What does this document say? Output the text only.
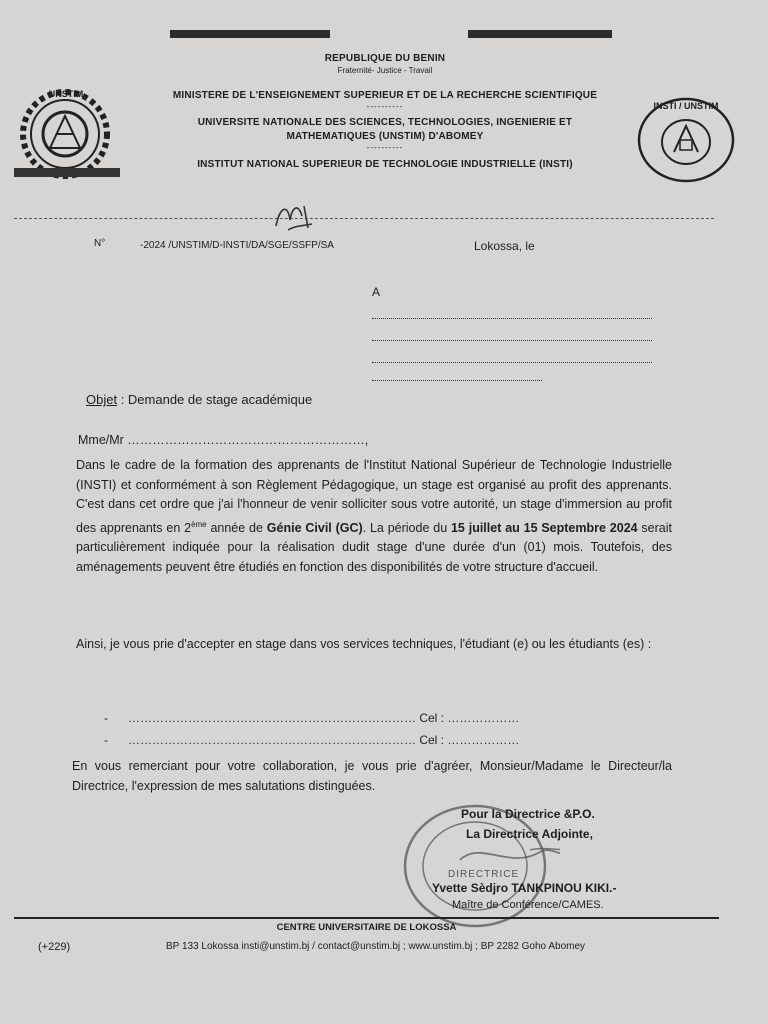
UNSTIM
INSTI / UNSTIM
REPUBLIQUE DU BENIN
Fraternité- Justice - Travail
MINISTERE DE L'ENSEIGNEMENT SUPERIEUR ET DE LA RECHERCHE SCIENTIFIQUE
----------
UNIVERSITE NATIONALE DES SCIENCES, TECHNOLOGIES, INGENIERIE ET
MATHEMATIQUES (UNSTIM) D'ABOMEY
----------
INSTITUT NATIONAL SUPERIEUR DE TECHNOLOGIE INDUSTRIELLE (INSTI)
N°	-2024 /UNSTIM/D-INSTI/DA/SGE/SSFP/SA	Lokossa, le
A
Objet : Demande de stage académique
Mme/Mr …………………………………………………,
Dans le cadre de la formation des apprenants de l'Institut National Supérieur de Technologie Industrielle (INSTI) et conformément à son Règlement Pédagogique, un stage est organisé au profit des apprenants. C'est dans cet ordre que j'ai l'honneur de venir solliciter sous votre autorité, un stage d'immersion au profit des apprenants en 2ème année de Génie Civil (GC). La période du 15 juillet au 15 Septembre 2024 serait particulièrement indiquée pour la réalisation dudit stage d'une durée d'un (01) mois. Toutefois, des aménagements peuvent être étudiés en fonction des disponibilités de votre structure d'accueil.
Ainsi, je vous prie d'accepter en stage dans vos services techniques, l'étudiant (e) ou les étudiants (es) :
- ……………………………………………………………… Cel : ………………
- ……………………………………………………………… Cel : ………………
En vous remerciant pour votre collaboration, je vous prie d'agréer, Monsieur/Madame le Directeur/la Directrice, l'expression de mes salutations distinguées.
DIRECTRICE
Pour la Directrice &P.O.
La Directrice Adjointe,
Yvette Sèdjro TANKPINOU KIKI.-
Maître de Conférence/CAMES.
CENTRE UNIVERSITAIRE DE LOKOSSA
(+229)	BP 133 Lokossa insti@unstim.bj / contact@unstim.bj ; www.unstim.bj ; BP 2282 Goho Abomey
